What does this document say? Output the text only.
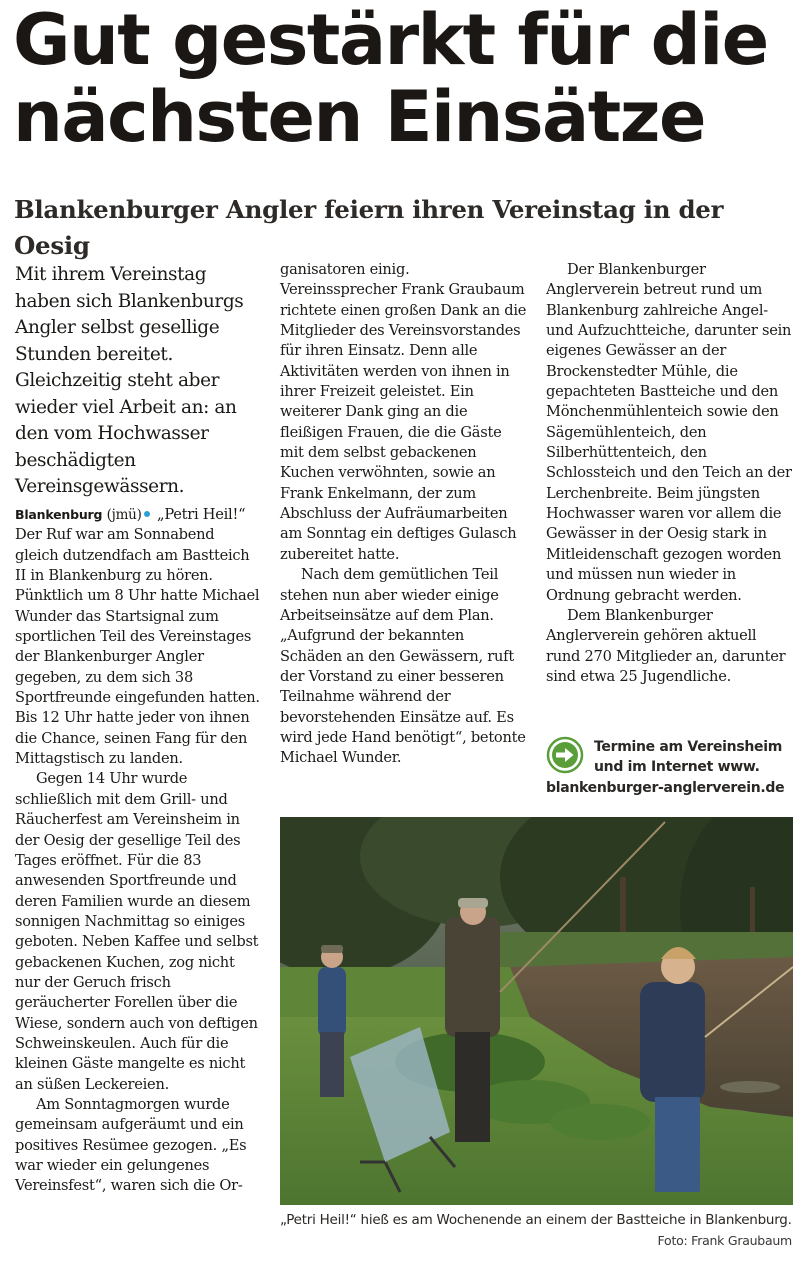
Gut gestärkt für die
nächsten Einsätze
Blankenburger Angler feiern ihren Vereinstag in der Oesig

Mit ihrem Vereinstag haben sich Blankenburgs Angler selbst gesellige Stunden bereitet. Gleichzeitig steht aber wieder viel Arbeit an: an den vom Hochwasser beschädigten Vereinsgewässern.

Blankenburg (jmü) „Petri Heil!“ Der Ruf war am Sonnabend gleich dutzendfach am Bastteich II in Blankenburg zu hören. Pünktlich um 8 Uhr hatte Michael Wunder das Startsignal zum sportlichen Teil des Vereinstages der Blankenburger Angler gegeben, zu dem sich 38 Sportfreunde eingefunden hatten. Bis 12 Uhr hatte jeder von ihnen die Chance, seinen Fang für den Mittagstisch zu landen.

Gegen 14 Uhr wurde schließlich mit dem Grill- und Räucherfest am Vereinsheim in der Oesig der gesellige Teil des Tages eröffnet. Für die 83 anwesenden Sportfreunde und deren Familien wurde an diesem sonnigen Nachmittag so einiges geboten. Neben Kaffee und selbst gebackenen Kuchen, zog nicht nur der Geruch frisch geräucherter Forellen über die Wiese, sondern auch von deftigen Schweinskeulen. Auch für die kleinen Gäste mangelte es nicht an süßen Leckereien.

Am Sonntagmorgen wurde gemeinsam aufgeräumt und ein positives Resümee gezogen. „Es war wieder ein gelungenes Vereinsfest“, waren sich die Or-

ganisatoren einig. Vereinssprecher Frank Graubaum richtete einen großen Dank an die Mitglieder des Vereinsvorstandes für ihren Einsatz. Denn alle Aktivitäten werden von ihnen in ihrer Freizeit geleistet. Ein weiterer Dank ging an die fleißigen Frauen, die die Gäste mit dem selbst gebackenen Kuchen verwöhnten, sowie an Frank Enkelmann, der zum Abschluss der Aufräumarbeiten am Sonntag ein deftiges Gulasch zubereitet hatte.

Nach dem gemütlichen Teil stehen nun aber wieder einige Arbeitseinsätze auf dem Plan. „Aufgrund der bekannten Schäden an den Gewässern, ruft der Vorstand zu einer besseren Teilnahme während der bevorstehenden Einsätze auf. Es wird jede Hand benötigt“, betonte Michael Wunder.

Der Blankenburger Anglerverein betreut rund um Blankenburg zahlreiche Angel- und Aufzuchtteiche, darunter sein eigenes Gewässer an der Brockenstedter Mühle, die gepachteten Bastteiche und den Mönchenmühlenteich sowie den Sägemühlenteich, den Silberhüttenteich, den Schlossteich und den Teich an der Lerchenbreite. Beim jüngsten Hochwasser waren vor allem die Gewässer in der Oesig stark in Mitleidenschaft gezogen worden und müssen nun wieder in Ordnung gebracht werden.

Dem Blankenburger Anglerverein gehören aktuell rund 270 Mitglieder an, darunter sind etwa 25 Jugendliche.

Termine am Vereinsheim
und im Internet www.
blankenburger-anglerverein.de
„Petri Heil!“ hieß es am Wochenende an einem der Bastteiche in Blankenburg.
Foto: Frank Graubaum
